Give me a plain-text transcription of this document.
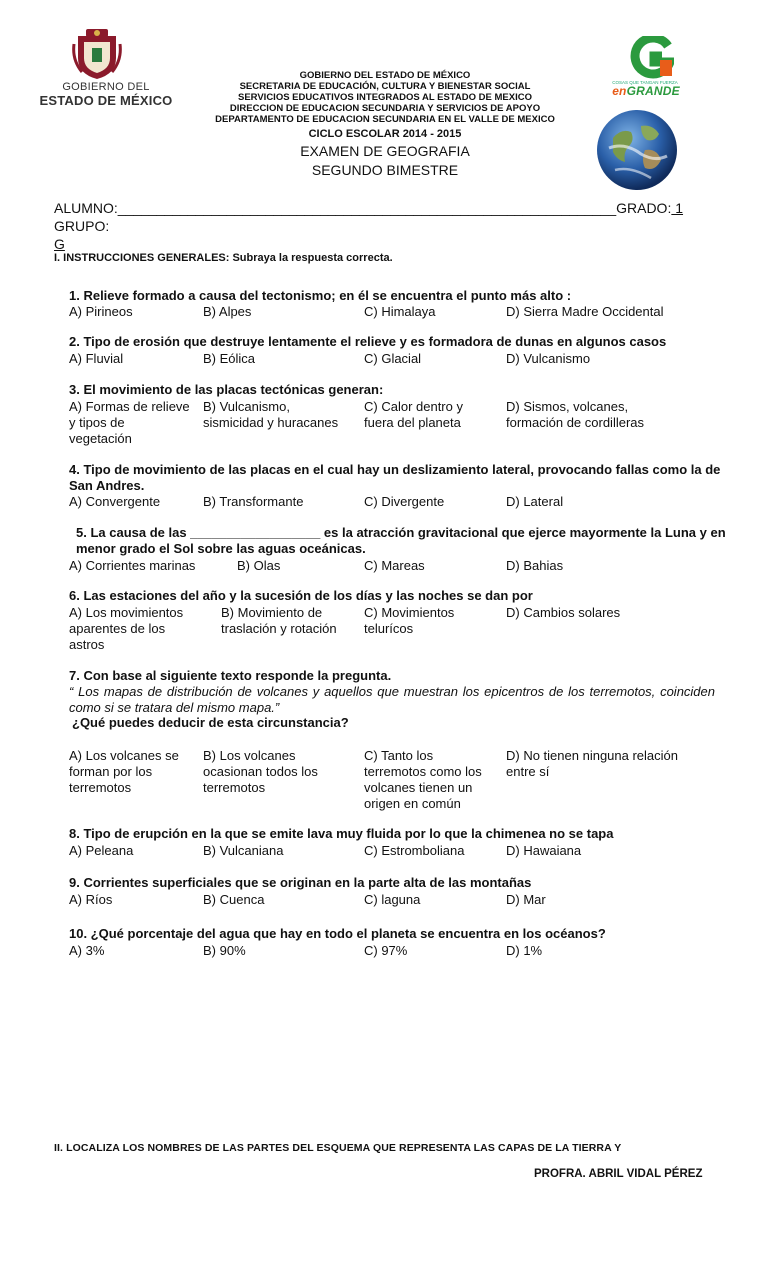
GOBIERNO DEL
ESTADO DE MÉXICO
COSAS QUE TANGAN FUERZA
enGRANDE
GOBIERNO DEL ESTADO DE MÉXICO
SECRETARIA DE EDUCACIÓN, CULTURA Y BIENESTAR SOCIAL
SERVICIOS EDUCATIVOS INTEGRADOS AL ESTADO DE MEXICO
DIRECCION DE EDUCACION SECUNDARIA Y SERVICIOS DE APOYO
DEPARTAMENTO DE EDUCACION SECUNDARIA EN EL VALLE DE MEXICO
CICLO ESCOLAR 2014 - 2015
EXAMEN DE GEOGRAFIA
SEGUNDO BIMESTRE
ALUMNO:________________________________________________________________GRADO: 1 GRUPO:
G
I. INSTRUCCIONES GENERALES: Subraya la respuesta correcta.
1. Relieve formado a causa del tectonismo; en él se encuentra el punto más alto :
A) Pirineos	B) Alpes	C) Himalaya	D) Sierra Madre Occidental
2. Tipo de erosión que destruye lentamente el relieve y es formadora de dunas en algunos casos
A) Fluvial	B) Eólica	C) Glacial	D) Vulcanismo
3. El movimiento de las placas tectónicas generan:
A) Formas de relieve y tipos de vegetación
B) Vulcanismo, sismicidad y huracanes
C) Calor dentro y fuera del planeta
D) Sismos, volcanes, formación de cordilleras
4. Tipo de movimiento de las placas en el cual hay un deslizamiento lateral, provocando fallas como la de San Andres.
A) Convergente	B) Transformante	C) Divergente	D) Lateral
5. La causa de las __________________ es la atracción gravitacional que ejerce mayormente la Luna y en menor grado el Sol sobre las aguas oceánicas.
A) Corrientes marinas	B) Olas	C) Mareas	D) Bahias
6. Las estaciones del año y la sucesión de los días y las noches se dan por
A) Los movimientos aparentes de los astros
B) Movimiento de traslación y rotación
C) Movimientos telurícos
D) Cambios solares
7. Con base al siguiente texto responde la pregunta.
“ Los mapas de distribución de volcanes y aquellos que muestran los epicentros de los terremotos, coinciden como si se tratara del mismo mapa.”
¿Qué puedes deducir de esta circunstancia?
A) Los volcanes se forman por los terremotos
B) Los volcanes ocasionan todos los terremotos
C) Tanto los terremotos como los volcanes tienen un origen en común
D) No tienen ninguna relación entre sí
8. Tipo de erupción en la que se emite lava muy fluida por lo que la chimenea no se tapa
A) Peleana	B) Vulcaniana	C) Estromboliana	D) Hawaiana
9. Corrientes superficiales que se originan en la parte alta de las montañas
A) Ríos	B) Cuenca	C) laguna	D) Mar
10. ¿Qué porcentaje del agua que hay en todo el planeta se encuentra en los océanos?
A) 3%	B) 90%	C) 97%	D) 1%
II. LOCALIZA LOS NOMBRES DE LAS PARTES DEL ESQUEMA QUE REPRESENTA LAS CAPAS DE LA TIERRA Y
PROFRA. ABRIL VIDAL PÉREZ
